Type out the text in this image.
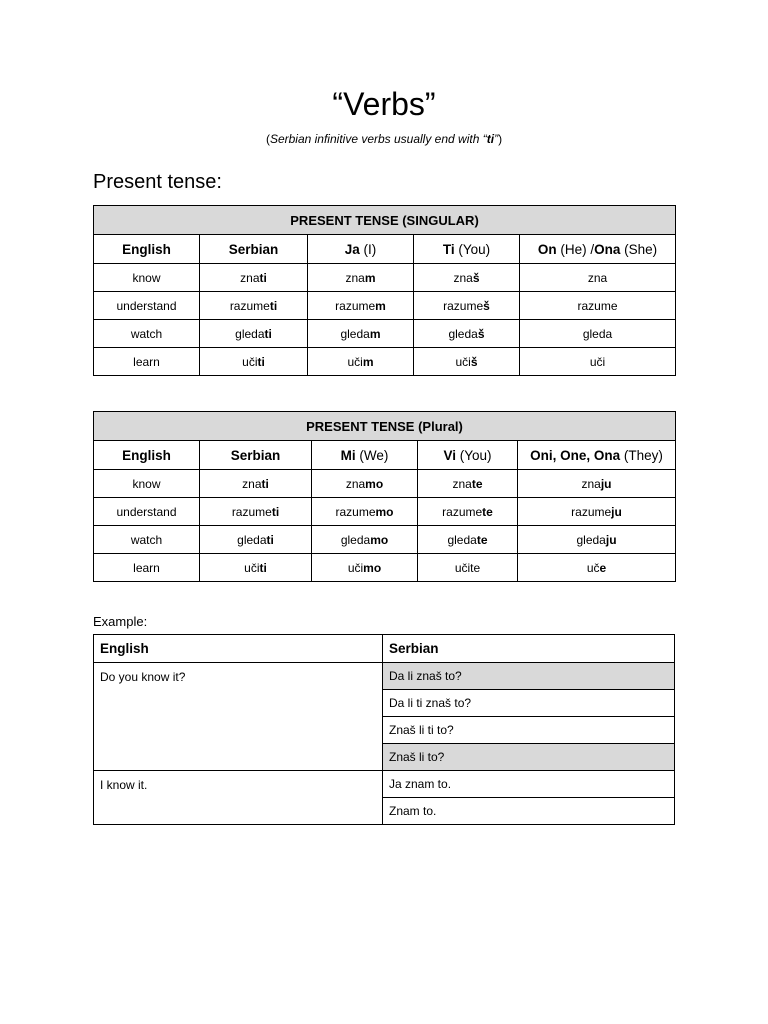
“Verbs”
(Serbian infinitive verbs usually end with “ti”)
Present tense:
PRESENT TENSE (SINGULAR)				
English	Serbian	Ja (I)	Ti (You)	On (He) /Ona (She)
know	znati	znam	znaš	zna
understand	razumeti	razumem	razumeš	razume
watch	gledati	gledam	gledaš	gleda
learn	učiti	učim	učiš	uči
PRESENT TENSE (Plural)				
English	Serbian	Mi (We)	Vi (You)	Oni, One, Ona (They)
know	znati	znamo	znate	znaju
understand	razumeti	razumemo	razumete	razumeju
watch	gledati	gledamo	gledate	gledaju
learn	učiti	učimo	učite	uče
Example:
English	Serbian
Do you know it?	Da li znaš to?
	Da li ti znaš to?
	Znaš li ti to?
	Znaš li to?
I know it.	Ja znam to.
	Znam to.
